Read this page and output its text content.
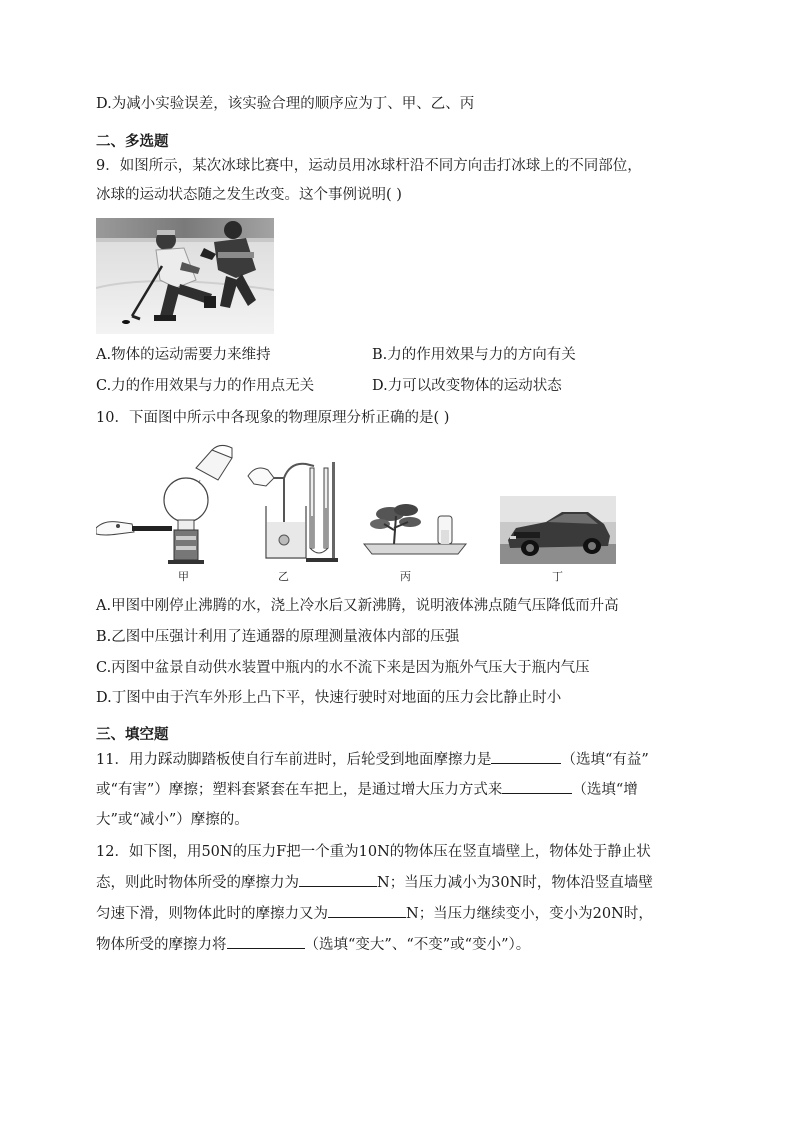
D.为减小实验误差，该实验合理的顺序应为丁、甲、乙、丙
二、多选题
9．如图所示，某次冰球比赛中，运动员用冰球杆沿不同方向击打冰球上的不同部位，
冰球的运动状态随之发生改变。这个事例说明( )
A.物体的运动需要力来维持	B.力的作用效果与力的方向有关
C.力的作用效果与力的作用点无关	D.力可以改变物体的运动状态
10．下面图中所示中各现象的物理原理分析正确的是( )
甲	乙	丙	丁
A.甲图中刚停止沸腾的水，浇上冷水后又新沸腾，说明液体沸点随气压降低而升高
B.乙图中压强计利用了连通器的原理测量液体内部的压强
C.丙图中盆景自动供水装置中瓶内的水不流下来是因为瓶外气压大于瓶内气压
D.丁图中由于汽车外形上凸下平，快速行驶时对地面的压力会比静止时小
三、填空题
11．用力踩动脚踏板使自行车前进时，后轮受到地面摩擦力是	（选填“有益”
或“有害”）摩擦；塑料套紧套在车把上，是通过增大压力方式来	（选填“增
大”或“减小”）摩擦的。
12．如下图，用50N的压力F把一个重为10N的物体压在竖直墙壁上，物体处于静止状
态，则此时物体所受的摩擦力为	N；当压力减小为30N时，物体沿竖直墙壁
匀速下滑，则物体此时的摩擦力又为	N；当压力继续变小，变小为20N时，
物体所受的摩擦力将	（选填“变大”、“不变”或“变小”）。
